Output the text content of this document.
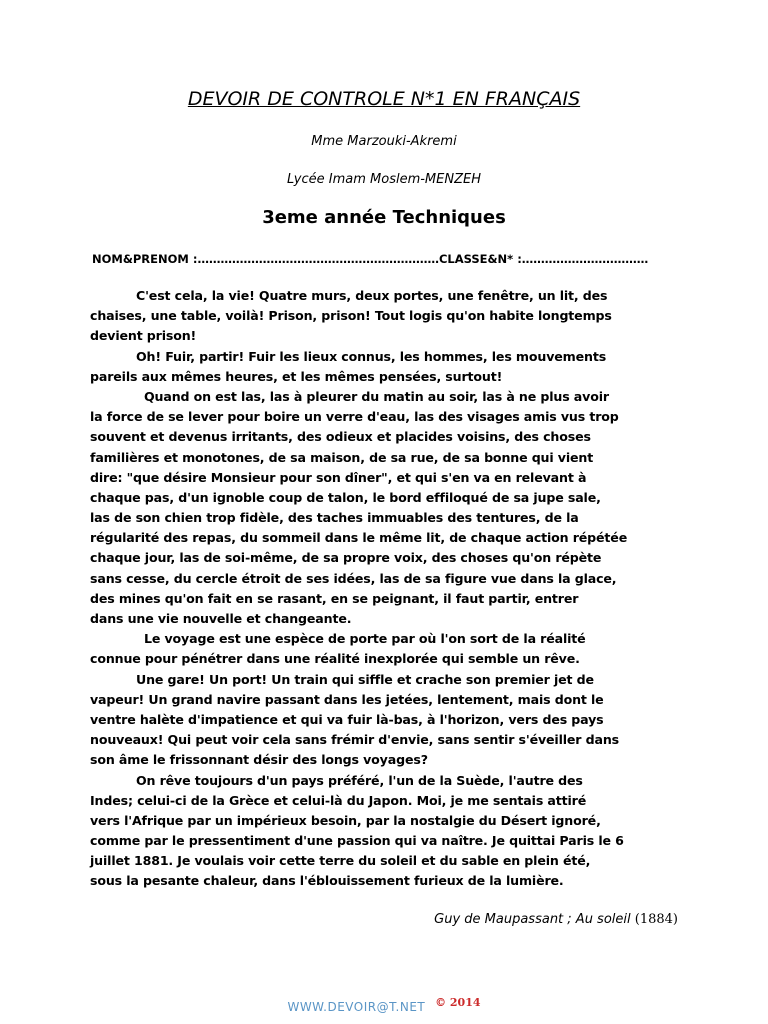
DEVOIR DE CONTROLE N*1 EN FRANÇAIS
Mme Marzouki-Akremi
Lycée Imam Moslem-MENZEH
3eme année Techniques
NOM&PRENOM :………………………………………………………CLASSE&N* :……………………………
C'est cela, la vie! Quatre murs, deux portes, une fenêtre, un lit, des
chaises, une table, voilà! Prison, prison! Tout logis qu'on habite longtemps
devient prison!
Oh! Fuir, partir! Fuir les lieux connus, les hommes, les mouvements
pareils aux mêmes heures, et les mêmes pensées, surtout!
Quand on est las, las à pleurer du matin au soir, las à ne plus avoir
la force de se lever pour boire un verre d'eau, las des visages amis vus trop
souvent et devenus irritants, des odieux et placides voisins, des choses
familières et monotones, de sa maison, de sa rue, de sa bonne qui vient
dire: "que désire Monsieur pour son dîner", et qui s'en va en relevant à
chaque pas, d'un ignoble coup de talon, le bord effiloqué de sa jupe sale,
las de son chien trop fidèle, des taches immuables des tentures, de la
régularité des repas, du sommeil dans le même lit, de chaque action répétée
chaque jour, las de soi-même, de sa propre voix, des choses qu'on répète
sans cesse, du cercle étroit de ses idées, las de sa figure vue dans la glace,
des mines qu'on fait en se rasant, en se peignant, il faut partir, entrer
dans une vie nouvelle et changeante.
Le voyage est une espèce de porte par où l'on sort de la réalité
connue pour pénétrer dans une réalité inexplorée qui semble un rêve.
Une gare! Un port! Un train qui siffle et crache son premier jet de
vapeur! Un grand navire passant dans les jetées, lentement, mais dont le
ventre halète d'impatience et qui va fuir là-bas, à l'horizon, vers des pays
nouveaux! Qui peut voir cela sans frémir d'envie, sans sentir s'éveiller dans
son âme le frissonnant désir des longs voyages?
On rêve toujours d'un pays préféré, l'un de la Suède, l'autre des
Indes; celui-ci de la Grèce et celui-là du Japon. Moi, je me sentais attiré
vers l'Afrique par un impérieux besoin, par la nostalgie du Désert ignoré,
comme par le pressentiment d'une passion qui va naître. Je quittai Paris le 6
juillet 1881. Je voulais voir cette terre du soleil et du sable en plein été,
sous la pesante chaleur, dans l'éblouissement furieux de la lumière.
Guy de Maupassant ; Au soleil (1884)
WWW.DEVOIR@T.NET © 2014
